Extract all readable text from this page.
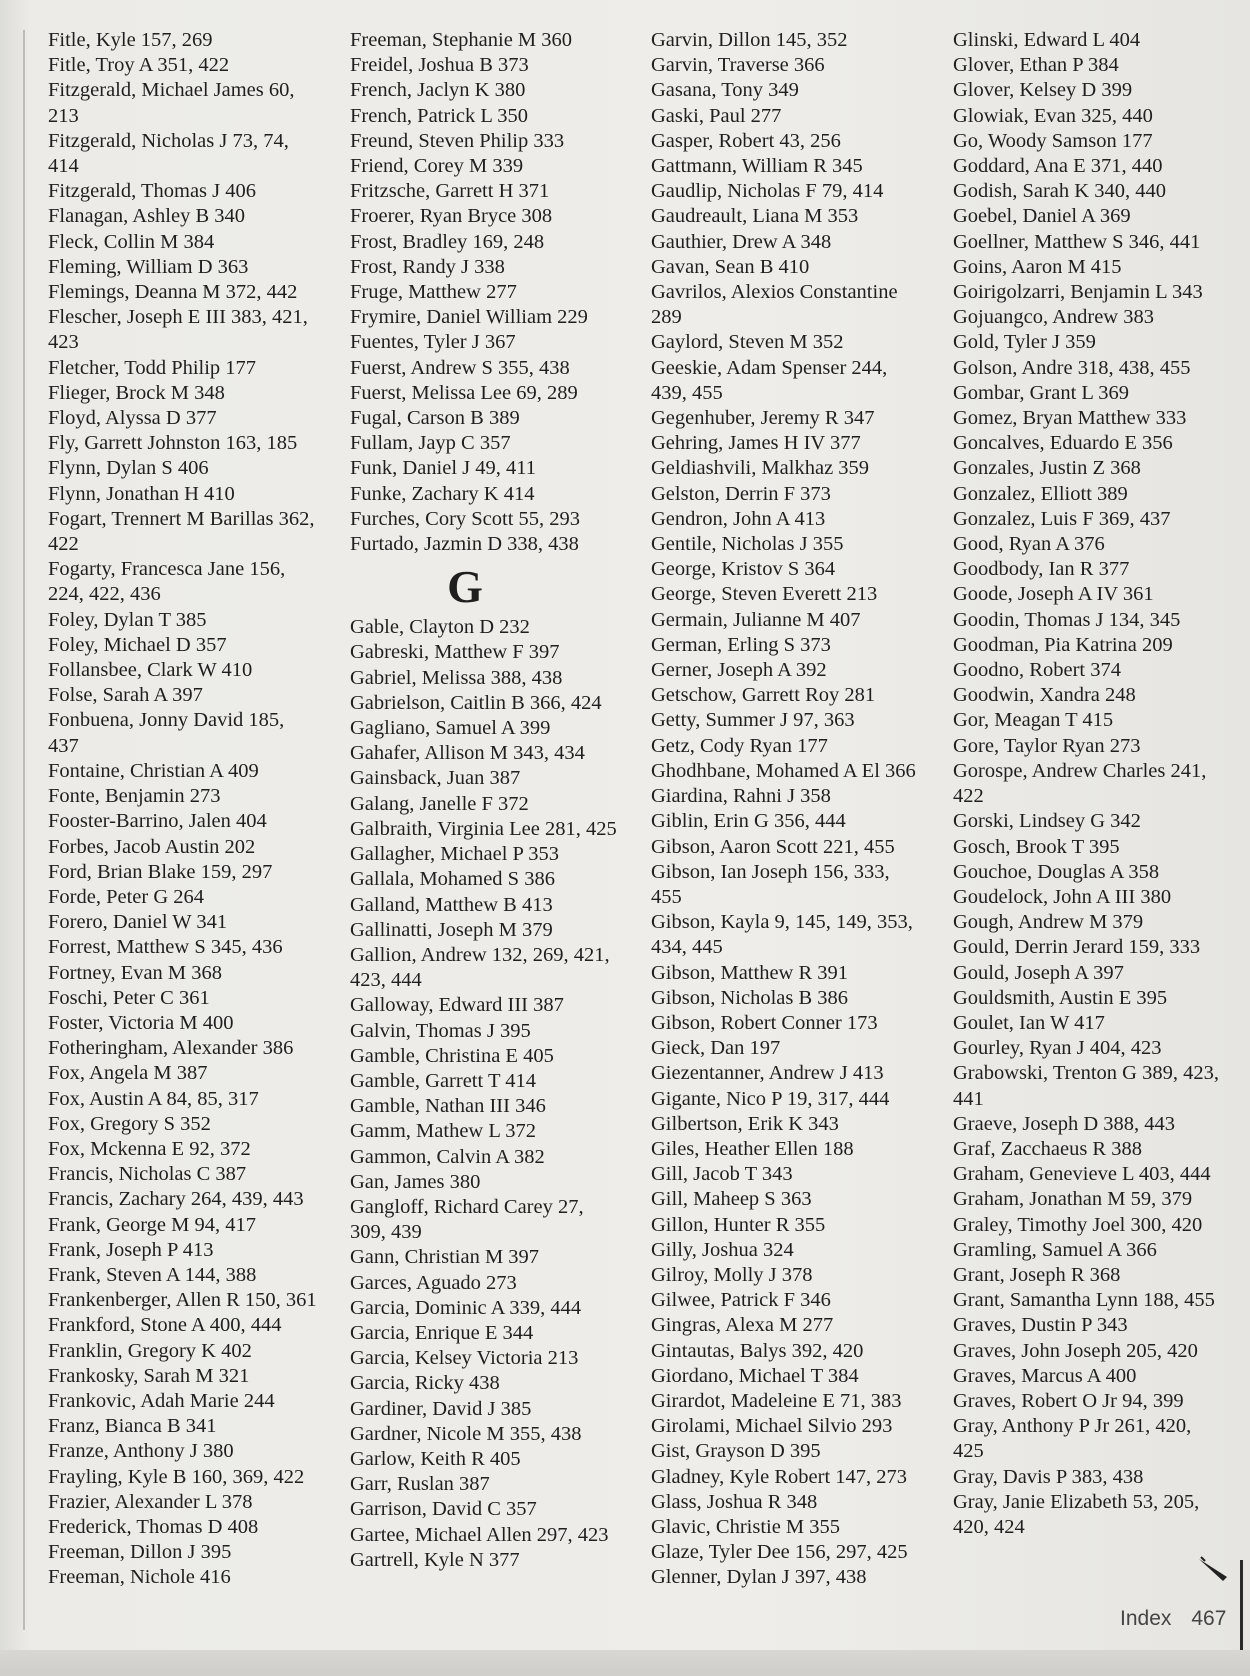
Fitle, Kyle 157, 269
Fitle, Troy A 351, 422
Fitzgerald, Michael James 60,
213
Fitzgerald, Nicholas J 73, 74,
414
Fitzgerald, Thomas J 406
Flanagan, Ashley B 340
Fleck, Collin M 384
Fleming, William D 363
Flemings, Deanna M 372, 442
Flescher, Joseph E III 383, 421,
423
Fletcher, Todd Philip 177
Flieger, Brock M 348
Floyd, Alyssa D 377
Fly, Garrett Johnston 163, 185
Flynn, Dylan S 406
Flynn, Jonathan H 410
Fogart, Trennert M Barillas 362,
422
Fogarty, Francesca Jane 156,
224, 422, 436
Foley, Dylan T 385
Foley, Michael D 357
Follansbee, Clark W 410
Folse, Sarah A 397
Fonbuena, Jonny David 185,
437
Fontaine, Christian A 409
Fonte, Benjamin 273
Fooster-Barrino, Jalen 404
Forbes, Jacob Austin 202
Ford, Brian Blake 159, 297
Forde, Peter G 264
Forero, Daniel W 341
Forrest, Matthew S 345, 436
Fortney, Evan M 368
Foschi, Peter C 361
Foster, Victoria M 400
Fotheringham, Alexander 386
Fox, Angela M 387
Fox, Austin A 84, 85, 317
Fox, Gregory S 352
Fox, Mckenna E 92, 372
Francis, Nicholas C 387
Francis, Zachary 264, 439, 443
Frank, George M 94, 417
Frank, Joseph P 413
Frank, Steven A 144, 388
Frankenberger, Allen R 150, 361
Frankford, Stone A 400, 444
Franklin, Gregory K 402
Frankosky, Sarah M 321
Frankovic, Adah Marie 244
Franz, Bianca B 341
Franze, Anthony J 380
Frayling, Kyle B 160, 369, 422
Frazier, Alexander L 378
Frederick, Thomas D 408
Freeman, Dillon J 395
Freeman, Nichole 416
Freeman, Stephanie M 360
Freidel, Joshua B 373
French, Jaclyn K 380
French, Patrick L 350
Freund, Steven Philip 333
Friend, Corey M 339
Fritzsche, Garrett H 371
Froerer, Ryan Bryce 308
Frost, Bradley 169, 248
Frost, Randy J 338
Fruge, Matthew 277
Frymire, Daniel William 229
Fuentes, Tyler J 367
Fuerst, Andrew S 355, 438
Fuerst, Melissa Lee 69, 289
Fugal, Carson B 389
Fullam, Jayp C 357
Funk, Daniel J 49, 411
Funke, Zachary K 414
Furches, Cory Scott 55, 293
Furtado, Jazmin D 338, 438
G
Gable, Clayton D 232
Gabreski, Matthew F 397
Gabriel, Melissa 388, 438
Gabrielson, Caitlin B 366, 424
Gagliano, Samuel A 399
Gahafer, Allison M 343, 434
Gainsback, Juan 387
Galang, Janelle F 372
Galbraith, Virginia Lee 281, 425
Gallagher, Michael P 353
Gallala, Mohamed S 386
Galland, Matthew B 413
Gallinatti, Joseph M 379
Gallion, Andrew 132, 269, 421,
423, 444
Galloway, Edward III 387
Galvin, Thomas J 395
Gamble, Christina E 405
Gamble, Garrett T 414
Gamble, Nathan III 346
Gamm, Mathew L 372
Gammon, Calvin A 382
Gan, James 380
Gangloff, Richard Carey 27,
309, 439
Gann, Christian M 397
Garces, Aguado 273
Garcia, Dominic A 339, 444
Garcia, Enrique E 344
Garcia, Kelsey Victoria 213
Garcia, Ricky 438
Gardiner, David J 385
Gardner, Nicole M 355, 438
Garlow, Keith R 405
Garr, Ruslan 387
Garrison, David C 357
Gartee, Michael Allen 297, 423
Gartrell, Kyle N 377
Garvin, Dillon 145, 352
Garvin, Traverse 366
Gasana, Tony 349
Gaski, Paul 277
Gasper, Robert 43, 256
Gattmann, William R 345
Gaudlip, Nicholas F 79, 414
Gaudreault, Liana M 353
Gauthier, Drew A 348
Gavan, Sean B 410
Gavrilos, Alexios Constantine
289
Gaylord, Steven M 352
Geeskie, Adam Spenser 244,
439, 455
Gegenhuber, Jeremy R 347
Gehring, James H IV 377
Geldiashvili, Malkhaz 359
Gelston, Derrin F 373
Gendron, John A 413
Gentile, Nicholas J 355
George, Kristov S 364
George, Steven Everett 213
Germain, Julianne M 407
German, Erling S 373
Gerner, Joseph A 392
Getschow, Garrett Roy 281
Getty, Summer J 97, 363
Getz, Cody Ryan 177
Ghodhbane, Mohamed A El 366
Giardina, Rahni J 358
Giblin, Erin G 356, 444
Gibson, Aaron Scott 221, 455
Gibson, Ian Joseph 156, 333,
455
Gibson, Kayla 9, 145, 149, 353,
434, 445
Gibson, Matthew R 391
Gibson, Nicholas B 386
Gibson, Robert Conner 173
Gieck, Dan 197
Giezentanner, Andrew J 413
Gigante, Nico P 19, 317, 444
Gilbertson, Erik K 343
Giles, Heather Ellen 188
Gill, Jacob T 343
Gill, Maheep S 363
Gillon, Hunter R 355
Gilly, Joshua 324
Gilroy, Molly J 378
Gilwee, Patrick F 346
Gingras, Alexa M 277
Gintautas, Balys 392, 420
Giordano, Michael T 384
Girardot, Madeleine E 71, 383
Girolami, Michael Silvio 293
Gist, Grayson D 395
Gladney, Kyle Robert 147, 273
Glass, Joshua R 348
Glavic, Christie M 355
Glaze, Tyler Dee 156, 297, 425
Glenner, Dylan J 397, 438
Glinski, Edward L 404
Glover, Ethan P 384
Glover, Kelsey D 399
Glowiak, Evan 325, 440
Go, Woody Samson 177
Goddard, Ana E 371, 440
Godish, Sarah K 340, 440
Goebel, Daniel A 369
Goellner, Matthew S 346, 441
Goins, Aaron M 415
Goirigolzarri, Benjamin L 343
Gojuangco, Andrew 383
Gold, Tyler J 359
Golson, Andre 318, 438, 455
Gombar, Grant L 369
Gomez, Bryan Matthew 333
Goncalves, Eduardo E 356
Gonzales, Justin Z 368
Gonzalez, Elliott 389
Gonzalez, Luis F 369, 437
Good, Ryan A 376
Goodbody, Ian R 377
Goode, Joseph A IV 361
Goodin, Thomas J 134, 345
Goodman, Pia Katrina 209
Goodno, Robert 374
Goodwin, Xandra 248
Gor, Meagan T 415
Gore, Taylor Ryan 273
Gorospe, Andrew Charles 241,
422
Gorski, Lindsey G 342
Gosch, Brook T 395
Gouchoe, Douglas A 358
Goudelock, John A III 380
Gough, Andrew M 379
Gould, Derrin Jerard 159, 333
Gould, Joseph A 397
Gouldsmith, Austin E 395
Goulet, Ian W 417
Gourley, Ryan J 404, 423
Grabowski, Trenton G 389, 423,
441
Graeve, Joseph D 388, 443
Graf, Zacchaeus R 388
Graham, Genevieve L 403, 444
Graham, Jonathan M 59, 379
Graley, Timothy Joel 300, 420
Gramling, Samuel A 366
Grant, Joseph R 368
Grant, Samantha Lynn 188, 455
Graves, Dustin P 343
Graves, John Joseph 205, 420
Graves, Marcus A 400
Graves, Robert O Jr 94, 399
Gray, Anthony P Jr 261, 420,
425
Gray, Davis P 383, 438
Gray, Janie Elizabeth 53, 205,
420, 424
Index 467
